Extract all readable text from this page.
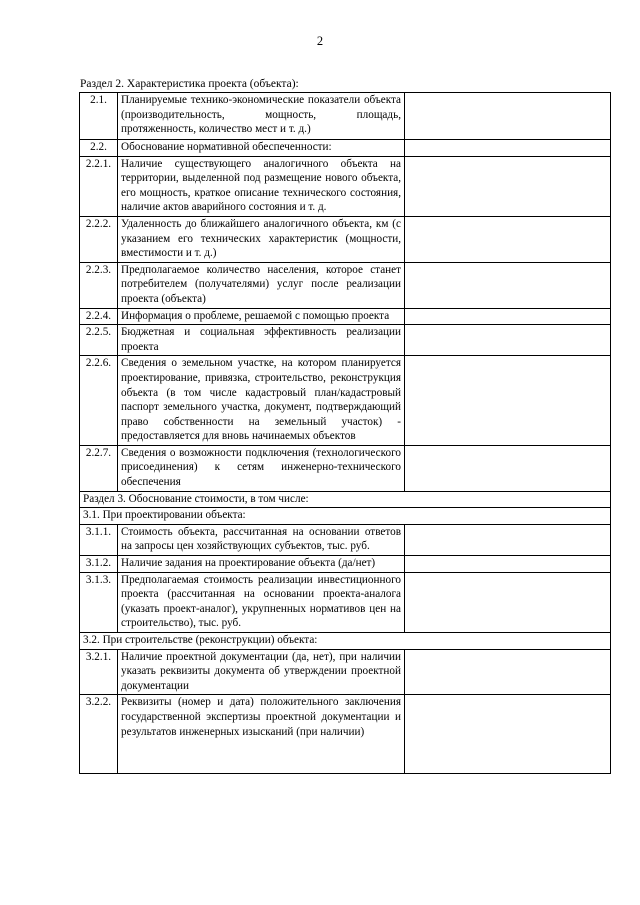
2
Раздел 2. Характеристика проекта (объекта):
2.1.	Планируемые технико-экономические показатели объекта (производительность, мощность, площадь, протяженность, количество мест и т. д.)	
2.2.	Обоснование нормативной обеспеченности:	
2.2.1.	Наличие существующего аналогичного объекта на территории, выделенной под размещение нового объекта, его мощность, краткое описание технического состояния, наличие актов аварийного состояния и т. д.	
2.2.2.	Удаленность до ближайшего аналогичного объекта, км (с указанием его технических характеристик (мощности, вместимости и т. д.)	
2.2.3.	Предполагаемое количество населения, которое станет потребителем (получателями) услуг после реализации проекта (объекта)	
2.2.4.	Информация о проблеме, решаемой с помощью проекта	
2.2.5.	Бюджетная и социальная эффективность реализации проекта	
2.2.6.	Сведения о земельном участке, на котором планируется проектирование, привязка, строительство, реконструкция объекта (в том числе кадастровый план/кадастровый паспорт земельного участка, документ, подтверждающий право собственности на земельный участок) - предоставляется для вновь начинаемых объектов	
2.2.7.	Сведения о возможности подключения (технологического присоединения) к сетям инженерно-технического обеспечения	
Раздел 3. Обоснование стоимости, в том числе:		
3.1. При проектировании объекта:		
3.1.1.	Стоимость объекта, рассчитанная на основании ответов на запросы цен хозяйствующих субъектов, тыс. руб.	
3.1.2.	Наличие задания на проектирование объекта (да/нет)	
3.1.3.	Предполагаемая стоимость реализации инвестиционного проекта (рассчитанная на основании проекта-аналога (указать проект-аналог), укрупненных нормативов цен на строительство), тыс. руб.	
3.2. При строительстве (реконструкции) объекта:		
3.2.1.	Наличие проектной документации (да, нет), при наличии указать реквизиты документа об утверждении проектной документации	
3.2.2.	Реквизиты (номер и дата) положительного заключения государственной экспертизы проектной документации и результатов инженерных изысканий (при наличии)	
